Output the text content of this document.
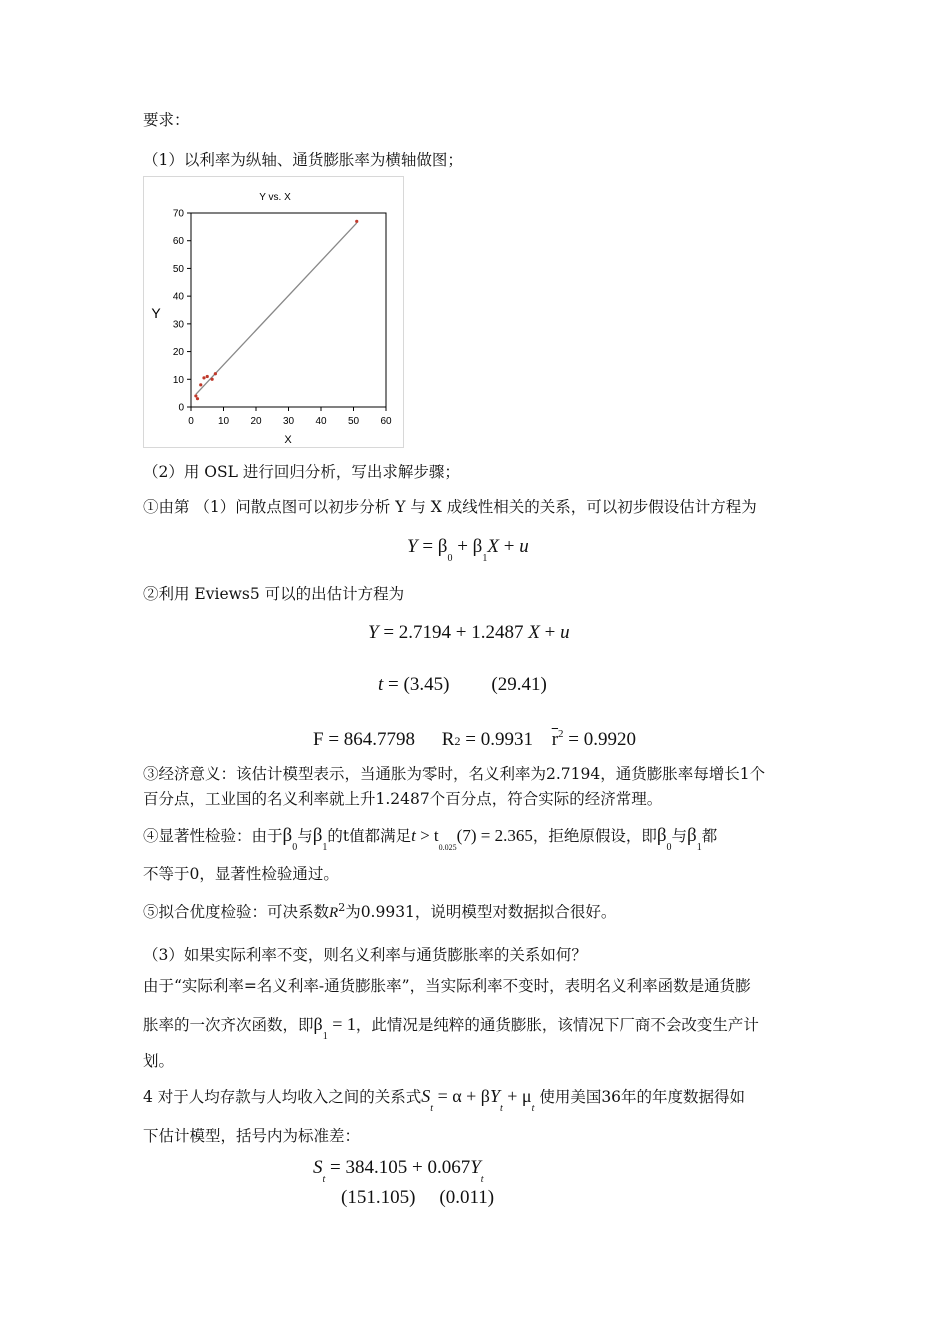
要求：
（1）以利率为纵轴、通货膨胀率为横轴做图；
Y vs. X
Y
X
0 10 20 30 40 50 60
0
10
20
30
40
50
60
70
（2）用 OSL 进行回归分析，写出求解步骤；
①由第 （1）问散点图可以初步分析 Y 与 X 成线性相关的关系，可以初步假设估计方程为
$Y = \beta_0 + \beta_1X + u$
②利用 Eviews5 可以的出估计方程为
Y = 2.7194 + 1.2487 X + u
t = (3.45) (29.41)
F = 864.7798 R2 = 0.9931 $\overline{r}^2 = 0.9920$
③经济意义：该估计模型表示，当通胀为零时，名义利率为2.7194，通货膨胀率每增长1个
百分点，工业国的名义利率就上升1.2487个百分点，符合实际的经济常理。
④显著性检验：由于$\beta_0$与$\beta_1$的t值都满足$t > t_{0.025}(7) = 2.365$，拒绝原假设，即$\beta_0$与$\beta_1$都
不等于0，显著性检验通过。
⑤拟合优度检验：可决系数$R^2$为0.9931，说明模型对数据拟合很好。
（3）如果实际利率不变，则名义利率与通货膨胀率的关系如何？
由于“实际利率=名义利率-通货膨胀率”，当实际利率不变时，表明名义利率函数是通货膨
胀率的一次齐次函数，即$\beta_1 = 1$，此情况是纯粹的通货膨胀，该情况下厂商不会改变生产计
划。
4 对于人均存款与人均收入之间的关系式$S_t = \alpha + \beta Y_t + \mu_t$ 使用美国36年的年度数据得如
下估计模型，括号内为标准差：
$S_t = 384.105 + 0.067Y_t$
(151.105) (0.011)
